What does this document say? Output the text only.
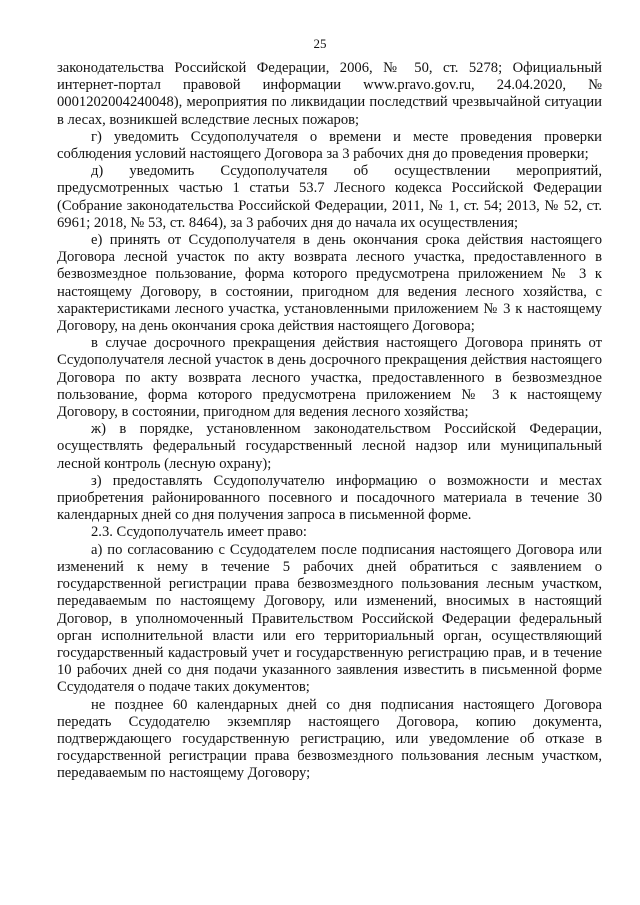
25

законодательства Российской Федерации, 2006, № 50, ст. 5278; Официальный интернет-портал правовой информации www.pravo.gov.ru, 24.04.2020, № 0001202004240048), мероприятия по ликвидации последствий чрезвычайной ситуации в лесах, возникшей вследствие лесных пожаров;

г) уведомить Ссудополучателя о времени и месте проведения проверки соблюдения условий настоящего Договора за 3 рабочих дня до проведения проверки;

д) уведомить Ссудополучателя об осуществлении мероприятий, предусмотренных частью 1 статьи 53.7 Лесного кодекса Российской Федерации (Собрание законодательства Российской Федерации, 2011, № 1, ст. 54; 2013, № 52, ст. 6961; 2018, № 53, ст. 8464), за 3 рабочих дня до начала их осуществления;

е) принять от Ссудополучателя в день окончания срока действия настоящего Договора лесной участок по акту возврата лесного участка, предоставленного в безвозмездное пользование, форма которого предусмотрена приложением № 3 к настоящему Договору, в состоянии, пригодном для ведения лесного хозяйства, с характеристиками лесного участка, установленными приложением № 3 к настоящему Договору, на день окончания срока действия настоящего Договора;

в случае досрочного прекращения действия настоящего Договора принять от Ссудополучателя лесной участок в день досрочного прекращения действия настоящего Договора по акту возврата лесного участка, предоставленного в безвозмездное пользование, форма которого предусмотрена приложением № 3 к настоящему Договору, в состоянии, пригодном для ведения лесного хозяйства;

ж) в порядке, установленном законодательством Российской Федерации, осуществлять федеральный государственный лесной надзор или муниципальный лесной контроль (лесную охрану);

з) предоставлять Ссудополучателю информацию о возможности и местах приобретения районированного посевного и посадочного материала в течение 30 календарных дней со дня получения запроса в письменной форме.

2.3. Ссудополучатель имеет право:

а) по согласованию с Ссудодателем после подписания настоящего Договора или изменений к нему в течение 5 рабочих дней обратиться с заявлением о государственной регистрации права безвозмездного пользования лесным участком, передаваемым по настоящему Договору, или изменений, вносимых в настоящий Договор, в уполномоченный Правительством Российской Федерации федеральный орган исполнительной власти или его территориальный орган, осуществляющий государственный кадастровый учет и государственную регистрацию прав, и в течение 10 рабочих дней со дня подачи указанного заявления известить в письменной форме Ссудодателя о подаче таких документов;

не позднее 60 календарных дней со дня подписания настоящего Договора передать Ссудодателю экземпляр настоящего Договора, копию документа, подтверждающего государственную регистрацию, или уведомление об отказе в государственной регистрации права безвозмездного пользования лесным участком, передаваемым по настоящему Договору;
